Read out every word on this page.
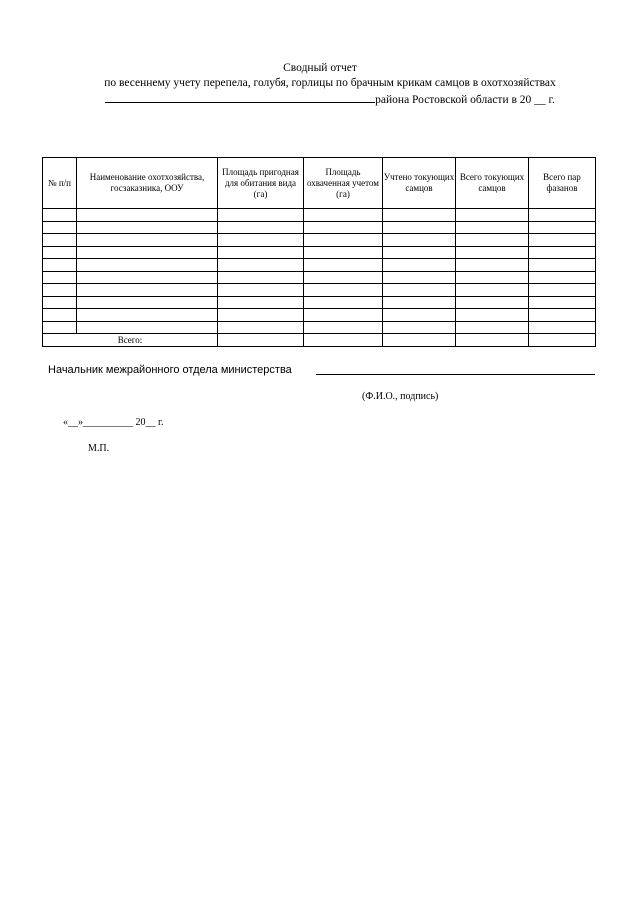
Сводный отчет
по весеннему учету перепела, голубя, горлицы по брачным крикам самцов в охотхозяйствах
района Ростовской области в 20 __ г.
№ п/п	Наименование охотхозяйства, госзаказника, ООУ	Площадь пригодная для обитания вида (га)	Площадь охваченная учетом (га)	Учтено токующих самцов	Всего токующих самцов	Всего пар фазанов

Всего:						
Начальник межрайонного отдела министерства
(Ф.И.О., подпись)
«__»__________ 20__ г.
М.П.
